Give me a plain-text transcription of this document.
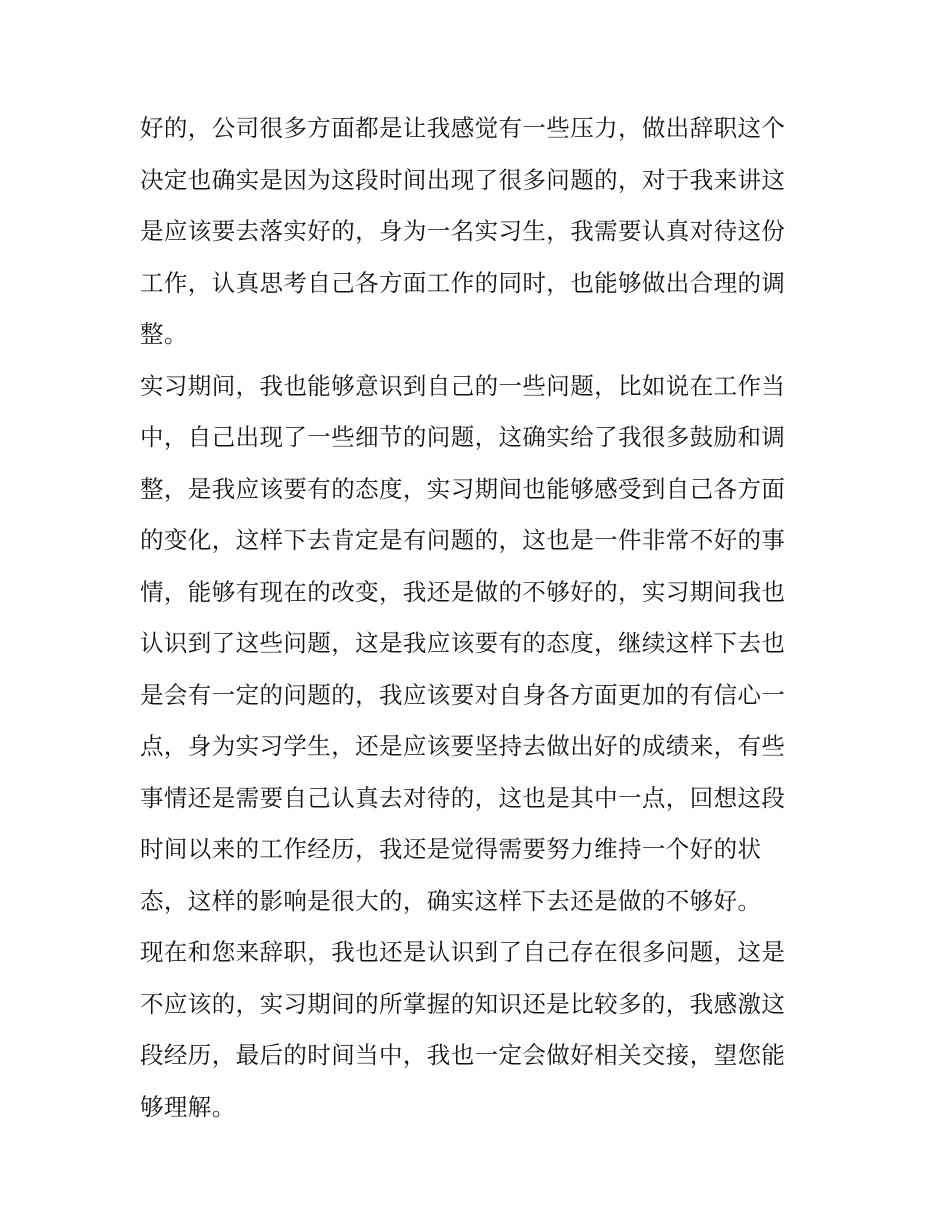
好的，公司很多方面都是让我感觉有一些压力，做出辞职这个
决定也确实是因为这段时间出现了很多问题的，对于我来讲这
是应该要去落实好的，身为一名实习生，我需要认真对待这份
工作，认真思考自己各方面工作的同时，也能够做出合理的调
整。
实习期间，我也能够意识到自己的一些问题，比如说在工作当
中，自己出现了一些细节的问题，这确实给了我很多鼓励和调
整，是我应该要有的态度，实习期间也能够感受到自己各方面
的变化，这样下去肯定是有问题的，这也是一件非常不好的事
情，能够有现在的改变，我还是做的不够好的，实习期间我也
认识到了这些问题，这是我应该要有的态度，继续这样下去也
是会有一定的问题的，我应该要对自身各方面更加的有信心一
点，身为实习学生，还是应该要坚持去做出好的成绩来，有些
事情还是需要自己认真去对待的，这也是其中一点，回想这段
时间以来的工作经历，我还是觉得需要努力维持一个好的状
态，这样的影响是很大的，确实这样下去还是做的不够好。
现在和您来辞职，我也还是认识到了自己存在很多问题，这是
不应该的，实习期间的所掌握的知识还是比较多的，我感激这
段经历，最后的时间当中，我也一定会做好相关交接，望您能
够理解。
